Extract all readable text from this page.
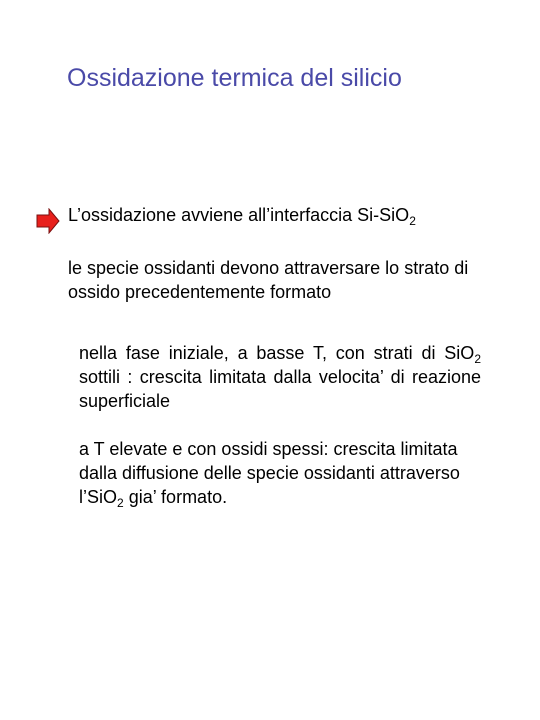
Ossidazione termica del silicio
L’ossidazione avviene all’interfaccia Si-SiO$_2$
le specie ossidanti devono attraversare lo strato di ossido precedentemente formato
nella fase iniziale, a basse T, con strati di SiO$_2$ sottili : crescita limitata dalla velocita’ di reazione superficiale
a T elevate e con ossidi spessi: crescita limitata dalla diffusione delle specie ossidanti attraverso l’SiO$_2$ gia’ formato.
